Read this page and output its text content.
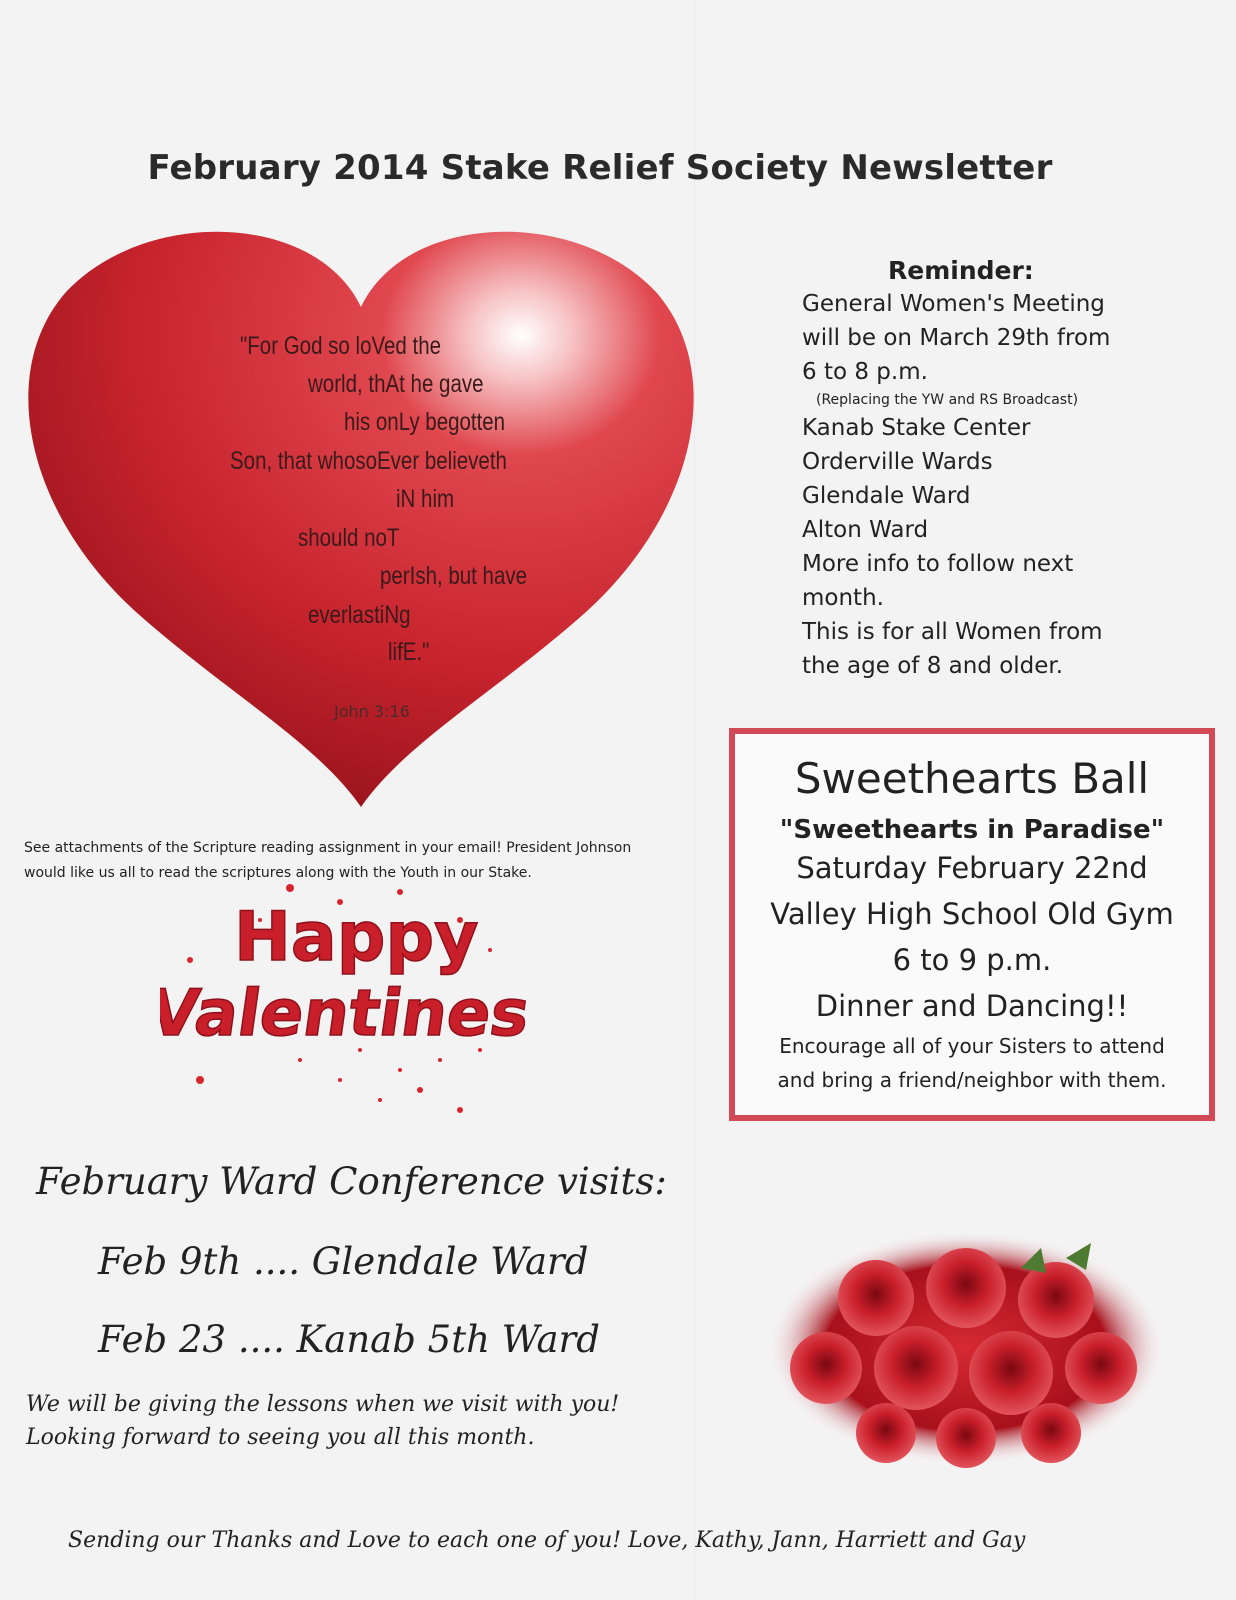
February 2014 Stake Relief Society Newsletter
"For God so loVed the
world, thAt he gave
his onLy begotten
Son, that whosoEver believeth
iN him
should noT
perIsh, but have
everlastiNg
lifE."
John 3:16
See attachments of the Scripture reading assignment in your email! President Johnson
would like us all to read the scriptures along with the Youth in our Stake.
Happy
Valentines
Reminder:
General Women's Meeting
will be on March 29th from
6 to 8 p.m.
(Replacing the YW and RS Broadcast)
Kanab Stake Center
Orderville Wards
Glendale Ward
Alton Ward
More info to follow next
month.
This is for all Women from
the age of 8 and older.
Sweethearts Ball
"Sweethearts in Paradise"
Saturday February 22nd
Valley High School Old Gym
6 to 9 p.m.
Dinner and Dancing!!
Encourage all of your Sisters to attend
and bring a friend/neighbor with them.
February Ward Conference visits:
Feb 9th .... Glendale Ward
Feb 23 .... Kanab 5th Ward
We will be giving the lessons when we visit with you!
Looking forward to seeing you all this month.
Sending our Thanks and Love to each one of you! Love, Kathy, Jann, Harriett and Gay
